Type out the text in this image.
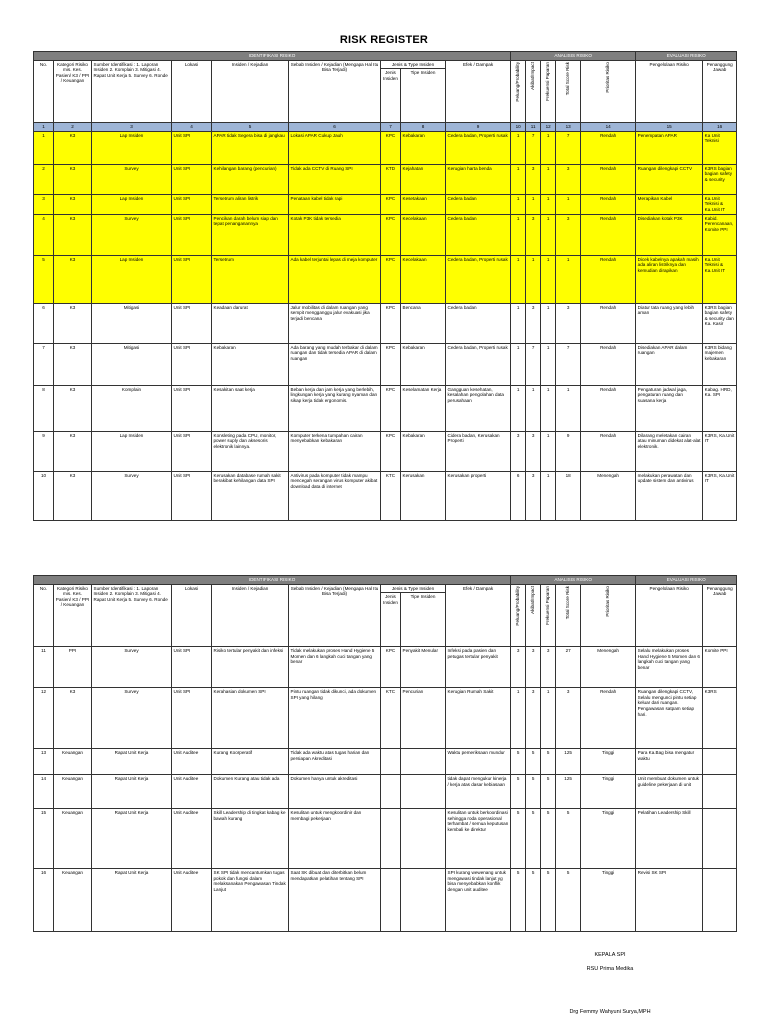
RISK REGISTER
IDENTIFIKASI RISIKO									ANALISIS RISIKO					EVALUASI RISIKO	
No.	Kategori Risiko mis. Kes. Pasien/ K3 / PPI / Keuangan	Sumber Identifikasi : 1. Laporan Insiden 2. Komplain 3. Mitigasi 4. Rapat Unit Kerja 5. Survey 6. Ronde	Lokasi	Insiden / Kejadian	Sebab Insiden / Kejadian (Mengapa Hal Itu Bisa Terjadi)	Jenis & Type Insiden		Efek / Dampak	Peluang/Probability	Akibat/Impact	Frekuensi Paparan	Total Score Risk	Prioritas Risiko	Pengelolaan Risiko	Penanggung Jawab
						Jenis Insiden	Tipe Insiden								
1	2	3	4	5	6	7	8	9	10	11	12	13	14	15	16
1	K3	Lap Insiden	Unit SPI	APAR tidak Segera bisa di jangkau	Lokasi APAR Cukup Jauh	KPC	Kebakaran	Cedera badan, Properti rusak	1	7	1	7	Rendah	Penempatan APAR	Ka Unit Teknisi
2	K3	Survey	Unit SPI	Kehilangan barang (pencurian)	Tidak ada CCTV di Ruang SPI	KTD	Kejahatan	Kerugian harta benda	1	3	1	3	Rendah	Ruangan dilengkapi CCTV	K3RS bagian bagian safety & security
3	K3	Lap Insiden	Unit SPI	Tersetrum aliran listrik	Penataan kabel tidak rapi	KPC	Kesetakaan	Cedera badan	1	1	1	1	Rendah	Merapikan Kabel	Ka.Unit Teknisi & Ka.Unit IT
4	K3	Survey	Unit SPI	Pencikan darah belum siap dan tepat penanganannya	Kotak P3K tidak tersedia	KPC	Kecelakaan	Cedera badan	1	3	1	3	Rendah	Disediakan kotak P3K	Kabid. Perencanaan, Komite PPI
5	K3	Lap Insiden	Unit SPI	Tersetrum	Ada kabel terjuntai lepas di meja komputer	KPC	Kecelakaan	Cedera badan, Properti rusak	1	1	1	1	Rendah	Dicek kabelnya apakah masih ada aliran listriknya dan kemudian dirapikan	Ka.Unit Teknisi & Ka.Unit IT
6	K3	Mitigasi	Unit SPI	Keadaan darurat	Jalur mobilitas di dalam ruangan yang sempit mengganggu jalur evakuasi jika terjadi bencana	KPC	Bencana	Cedera badan	1	3	1	3	Rendah	Diatur tata ruang yang lebih aman	K3RS bagian bagian safety & security dan Ka. Kasir
7	K3	Mitigasi	Unit SPI	Kebakaran	Ada barang yang mudah terbakar di dalam ruangan dan tidak tersedia APAR di dalam ruangan	KPC	Kebakaran	Cedera badan, Properti rusak	1	7	1	7	Rendah	Disediakan APAR dalam ruangan	K3RS bidang majemen kebakaran
8	K3	Komplain	Unit SPI	Kesakitan saat kerja	Beban kerja dan jam kerja yang berlebih, lingkungan kerja yang kurang nyaman dan sikap kerja tidak ergonomis.	KPC	Keselamatan Kerja	Gangguan kesehatan, kesalahan pengolahan data perusahaan	1	1	1	1	Rendah	Pengaturan jadwal jaga, pengaturan ruang dan suasana kerja	Kabag. HRD, Ka. SPI
9	K3	Lap Insiden	Unit SPI	Konsleting pada CPU, monitor, power suply dan aksesoris elektronik lainnya.	Komputer terkena tumpahan cairan menyebabkan kebakaran	KPC	Kebakaran	Cidera badan, Kerusakan Properti	3	3	1	9	Rendah	Dilarang meletakan cairan atau minuman didekat alat-alat elektronik.	K3RS, Ka.Unit IT
10	K3	Survey	Unit SPI	Kerusakan database rumah sakit berakibat kehilangan data SPI	Antivirus pada komputer tidak mampu mencegah serangan virus komputer akibat download data di internet	KTC	Kerusakan	Kerusakan properti	6	3	1	18	Menengah	melakukan perawatan dan update sistem dan antivirus	K3RS, Ka.Unit IT
IDENTIFIKASI RISIKO									ANALISIS RISIKO					EVALUASI RISIKO	
No.	Kategori Risiko mis. Kes. Pasien/ K3 / PPI / Keuangan	Sumber Identifikasi : 1. Laporan Insiden 2. Komplain 3. Mitigasi 4. Rapat Unit Kerja 5. Survey 6. Ronde	Lokasi	Insiden / Kejadian	Sebab Insiden / Kejadian (Mengapa Hal Itu Bisa Terjadi)	Jenis & Type Insiden		Efek / Dampak	Peluang/Probability	Akibat/Impact	Frekuensi Paparan	Total Score Risk	Prioritas Risiko	Pengelolaan Risiko	Penanggung Jawab
						Jenis Insiden	Tipe Insiden								
11	PPI	Survey	Unit SPI	Risiko tertular penyakit dan infeksi	Tidak melakukan proses Hand Hygiene 5 Momen dan 6 langkah cuci tangan yang benar	KPC	Penyakit Menular	Infeksi pada pasien dan petugas tertular penyakit	3	3	3	27	Menengah	Selalu melakukan proses Hand Hygiene 5 Momen dan 6 langkah cuci tangan yang benar	Komite PPI
12	K3	Survey	Unit SPI	Kerahasian dokumen SPI	Pintu ruangan tidak dikunci, ada dokumen SPI yang hilang	KTC	Pencurian	Kerugian Rumah Sakit	1	3	1	3	Rendah	Ruangan dilengkapi CCTV, Selalu mengunci pintu setiap keluar dari ruangan. Pengawasan satpam setiap hari.	K3RS
13	Keuangan	Rapat Unit Kerja	Unit Auditee	Kurang Koorperatif	Tidak ada waktu atas tugas harian dan persiapan Akreditasi			Waktu pemeriksaan mundur	5	5	5	125	Tinggi	Para Ka.Bag bisa mengatur waktu	
14	Keuangan	Rapat Unit Kerja	Unit Auditee	Dokumen Kurang atau tidak ada	Dokumen hanya untuk akreditasi			tidak dapat mengukur kinerja / kerja atas dasar kebiasaan	5	5	5	125	Tinggi	Unit membuat dokumen untuk guideline pekerjaan di unit	
15	Keuangan	Rapat Unit Kerja	Unit Auditee	Skill Leadership di tingkat kabag ke bawah kurang	Kesulitan untuk mengkoordinir dan membagi pekerjaan			Kesulitan untuk berkoordinasi sehingga roda operasional terhambat / semua keputusan kembali ke direktur	5	5	5	5	Tinggi	Pelatihan Leadership Skill	
16	Keuangan	Rapat Unit Kerja	Unit Auditee	SK SPI tidak mencantumkan tugas pokok dan fungsi dalam melaksanakan Pengawasan Tindak Lanjut	Saat SK dibuat dan diterbitkan belum mendapatkan pelatihan tentang SPI			SPI kurang wewenang untuk mengawasi tindak lanjut yg bisa menyebabkan konflik dengan unit auditee	5	5	5	5	Tinggi	Revisi SK SPI	
KEPALA SPI
RSU Prima Medika
Drg Femmy Wahyuni Surya,MPH
